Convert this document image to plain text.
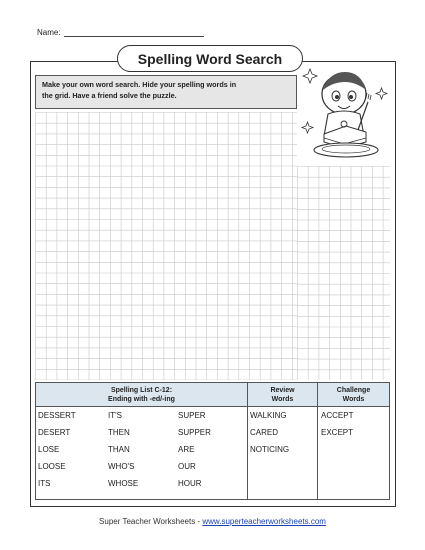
Name:
Spelling Word Search
Make your own word search. Hide your spelling words in
the grid. Have a friend solve the puzzle.
Spelling List C-12:
Ending with -ed/-ing
Review
Words
Challenge
Words
DESSERT
DESERT
LOSE
LOOSE
ITS
IT'S
THEN
THAN
WHO'S
WHOSE
SUPER
SUPPER
ARE
OUR
HOUR
WALKING
CARED
NOTICING
ACCEPT
EXCEPT
Super Teacher Worksheets - www.superteacherworksheets.com
